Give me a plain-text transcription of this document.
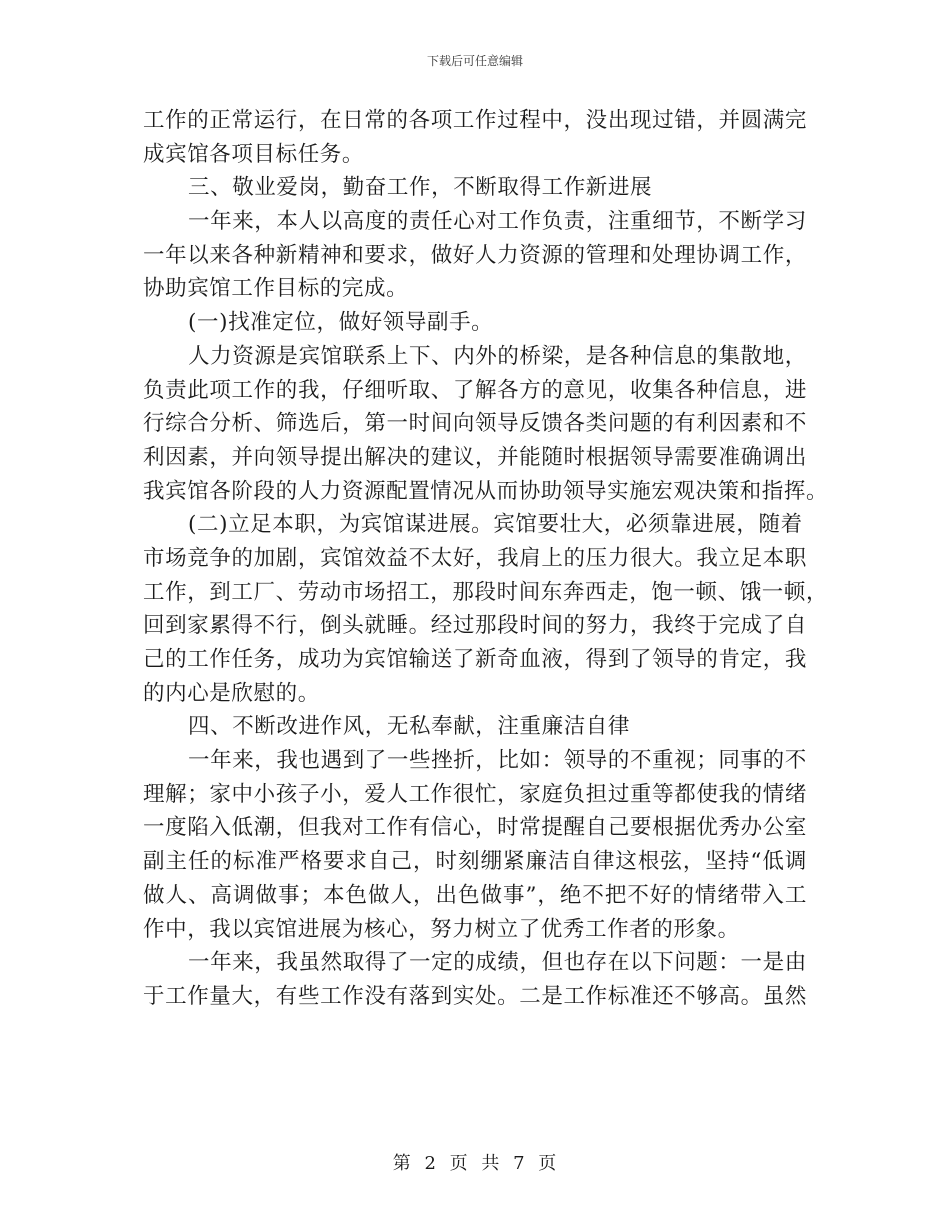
下载后可任意编辑
工作的正常运行，在日常的各项工作过程中，没出现过错，并圆满完
成宾馆各项目标任务。
三、敬业爱岗，勤奋工作，不断取得工作新进展
一年来，本人以高度的责任心对工作负责，注重细节，不断学习
一年以来各种新精神和要求，做好人力资源的管理和处理协调工作，
协助宾馆工作目标的完成。
(一)找准定位，做好领导副手。
人力资源是宾馆联系上下、内外的桥梁，是各种信息的集散地，
负责此项工作的我，仔细听取、了解各方的意见，收集各种信息，进
行综合分析、筛选后，第一时间向领导反馈各类问题的有利因素和不
利因素，并向领导提出解决的建议，并能随时根据领导需要准确调出
我宾馆各阶段的人力资源配置情况从而协助领导实施宏观决策和指挥。
(二)立足本职，为宾馆谋进展。宾馆要壮大，必须靠进展，随着
市场竞争的加剧，宾馆效益不太好，我肩上的压力很大。我立足本职
工作，到工厂、劳动市场招工，那段时间东奔西走，饱一顿、饿一顿，
回到家累得不行，倒头就睡。经过那段时间的努力，我终于完成了自
己的工作任务，成功为宾馆输送了新奇血液，得到了领导的肯定，我
的内心是欣慰的。
四、不断改进作风，无私奉献，注重廉洁自律
一年来，我也遇到了一些挫折，比如：领导的不重视；同事的不
理解；家中小孩子小，爱人工作很忙，家庭负担过重等都使我的情绪
一度陷入低潮，但我对工作有信心，时常提醒自己要根据优秀办公室
副主任的标准严格要求自己，时刻绷紧廉洁自律这根弦，坚持“低调
做人、高调做事；本色做人，出色做事”，绝不把不好的情绪带入工
作中，我以宾馆进展为核心，努力树立了优秀工作者的形象。
一年来，我虽然取得了一定的成绩，但也存在以下问题：一是由
于工作量大，有些工作没有落到实处。二是工作标准还不够高。虽然
第 2 页 共 7 页
